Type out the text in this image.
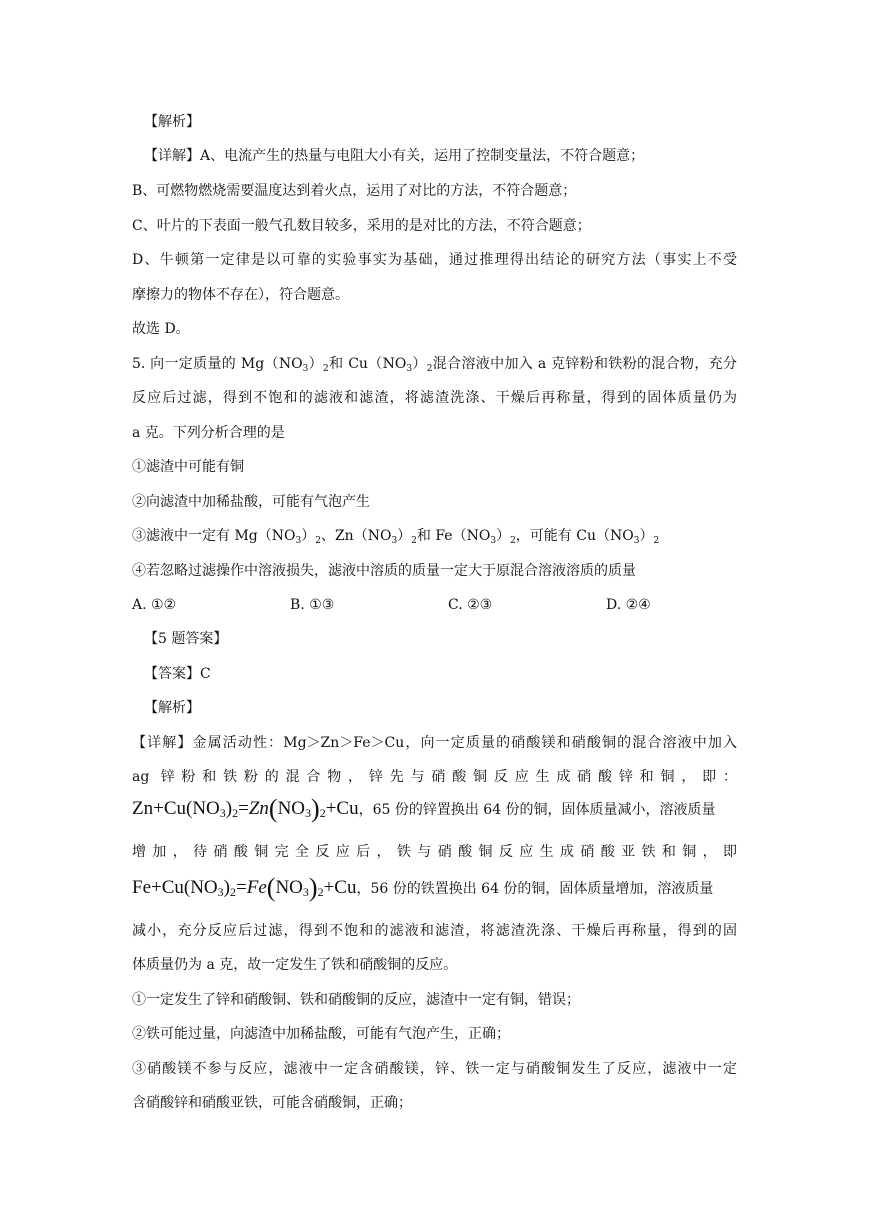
【解析】
【详解】A、电流产生的热量与电阻大小有关，运用了控制变量法，不符合题意；
B、可燃物燃烧需要温度达到着火点，运用了对比的方法，不符合题意；
C、叶片的下表面一般气孔数目较多，采用的是对比的方法，不符合题意；
D、牛顿第一定律是以可靠的实验事实为基础，通过推理得出结论的研究方法（事实上不受
摩擦力的物体不存在），符合题意。
故选 D。
5. 向一定质量的 $Mg(NO_3)_2$和 $Cu(NO_3)_2$混合溶液中加入 a 克锌粉和铁粉的混合物，充分
反应后过滤，得到不饱和的滤液和滤渣，将滤渣洗涤、干燥后再称量，得到的固体质量仍为
a 克。下列分析合理的是
①滤渣中可能有铜
②向滤渣中加稀盐酸，可能有气泡产生
③滤液中一定有 $Mg(NO_3)_2$、$Zn(NO_3)_2$和 $Fe(NO_3)_2$，可能有 $Cu(NO_3)_2$
④若忽略过滤操作中溶液损失，滤液中溶质的质量一定大于原混合溶液溶质的质量
A. ①②	B. ①③	C. ②③	D. ②④
【5 题答案】
【答案】C
【解析】
【详解】金属活动性：Mg＞Zn＞Fe＞Cu，向一定质量的硝酸镁和硝酸铜的混合溶液中加入
ag 锌粉和铁粉的混合物，锌先与硝酸铜反应生成硝酸锌和铜，即：
$Zn+Cu(NO_3)_2=Zn(NO_3)_2+Cu$，65 份的锌置换出 64 份的铜，固体质量减小，溶液质量
增加，待硝酸铜完全反应后，铁与硝酸铜反应生成硝酸亚铁和铜，即
$Fe+Cu(NO_3)_2=Fe(NO_3)_2+Cu$，56 份的铁置换出 64 份的铜，固体质量增加，溶液质量
减小，充分反应后过滤，得到不饱和的滤液和滤渣，将滤渣洗涤、干燥后再称量，得到的固
体质量仍为 a 克，故一定发生了铁和硝酸铜的反应。
①一定发生了锌和硝酸铜、铁和硝酸铜的反应，滤渣中一定有铜，错误；
②铁可能过量，向滤渣中加稀盐酸，可能有气泡产生，正确；
③硝酸镁不参与反应，滤液中一定含硝酸镁，锌、铁一定与硝酸铜发生了反应，滤液中一定
含硝酸锌和硝酸亚铁，可能含硝酸铜，正确；
